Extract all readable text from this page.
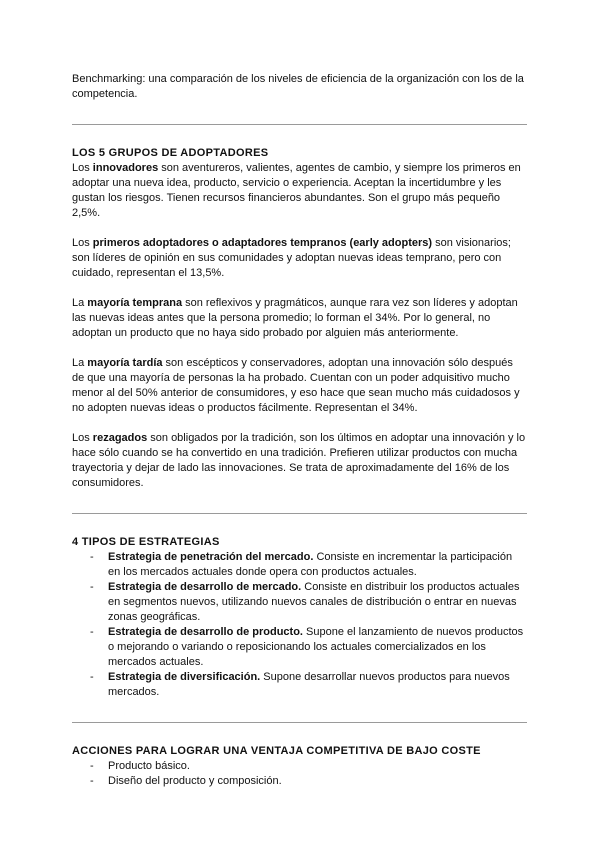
Benchmarking: una comparación de los niveles de eficiencia de la organización con los de la competencia.

LOS 5 GRUPOS DE ADOPTADORES

Los innovadores son aventureros, valientes, agentes de cambio, y siempre los primeros en adoptar una nueva idea, producto, servicio o experiencia. Aceptan la incertidumbre y les gustan los riesgos. Tienen recursos financieros abundantes. Son el grupo más pequeño 2,5%.

Los primeros adoptadores o adaptadores tempranos (early adopters) son visionarios; son líderes de opinión en sus comunidades y adoptan nuevas ideas temprano, pero con cuidado, representan el 13,5%.

La mayoría temprana son reflexivos y pragmáticos, aunque rara vez son líderes y adoptan las nuevas ideas antes que la persona promedio; lo forman el 34%. Por lo general, no adoptan un producto que no haya sido probado por alguien más anteriormente.

La mayoría tardía son escépticos y conservadores, adoptan una innovación sólo después de que una mayoría de personas la ha probado. Cuentan con un poder adquisitivo mucho menor al del 50% anterior de consumidores, y eso hace que sean mucho más cuidadosos y no adopten nuevas ideas o productos fácilmente. Representan el 34%.

Los rezagados son obligados por la tradición, son los últimos en adoptar una innovación y lo hace sólo cuando se ha convertido en una tradición. Prefieren utilizar productos con mucha trayectoria y dejar de lado las innovaciones. Se trata de aproximadamente del 16% de los consumidores.

4 TIPOS DE ESTRATEGIAS

- Estrategia de penetración del mercado. Consiste en incrementar la participación en los mercados actuales donde opera con productos actuales.
- Estrategia de desarrollo de mercado. Consiste en distribuir los productos actuales en segmentos nuevos, utilizando nuevos canales de distribución o entrar en nuevas zonas geográficas.
- Estrategia de desarrollo de producto. Supone el lanzamiento de nuevos productos o mejorando o variando o reposicionando los actuales comercializados en los mercados actuales.
- Estrategia de diversificación. Supone desarrollar nuevos productos para nuevos mercados.

ACCIONES PARA LOGRAR UNA VENTAJA COMPETITIVA DE BAJO COSTE

- Producto básico.
- Diseño del producto y composición.
